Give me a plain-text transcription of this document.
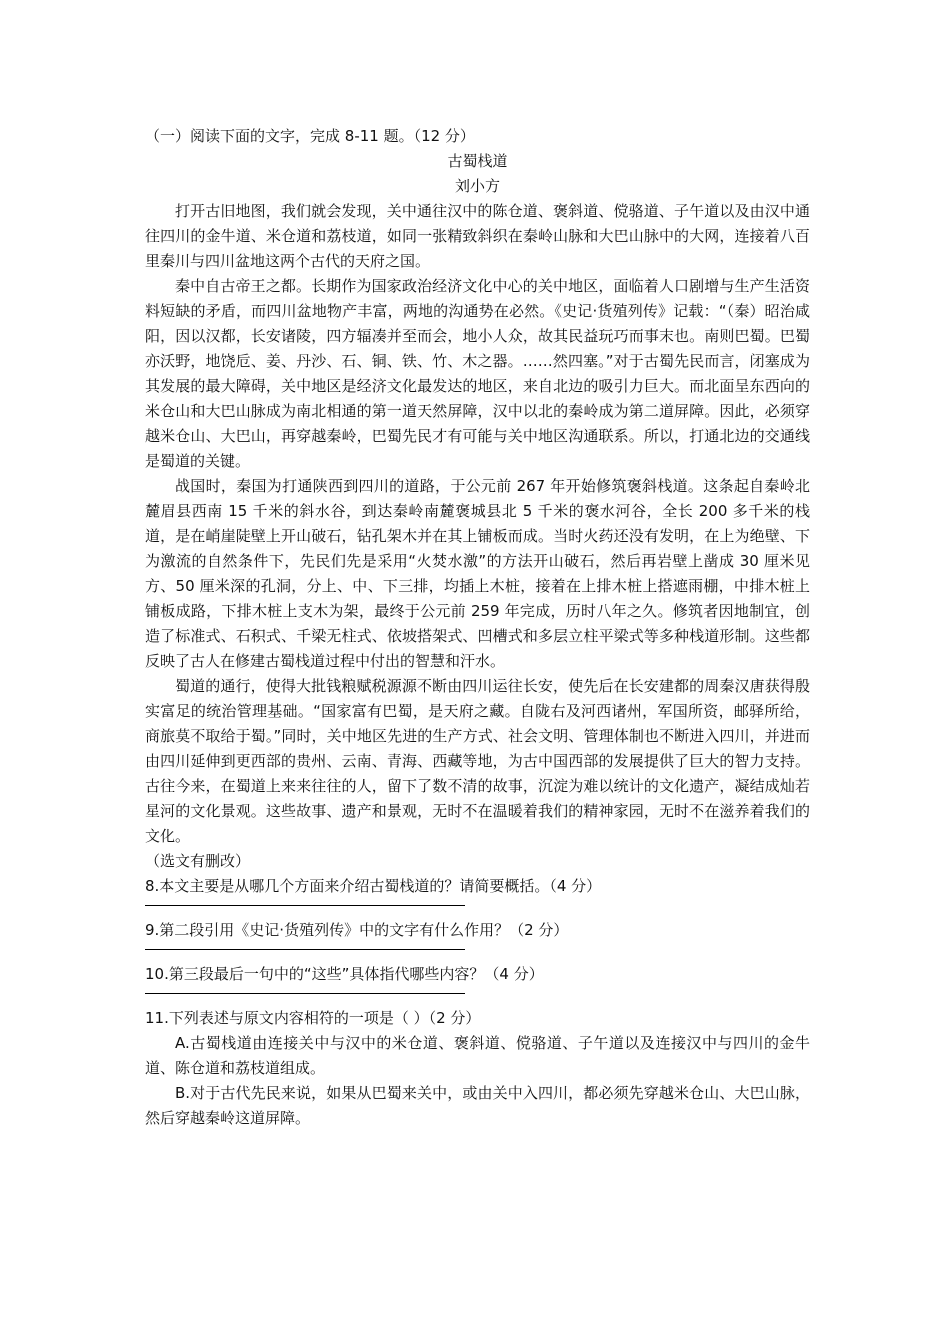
（一）阅读下面的文字，完成 8-11 题。（12 分）
古蜀栈道
刘小方
打开古旧地图，我们就会发现，关中通往汉中的陈仓道、褒斜道、傥骆道、子午道以及由汉中通往四川的金牛道、米仓道和荔枝道，如同一张精致斜织在秦岭山脉和大巴山脉中的大网，连接着八百里秦川与四川盆地这两个古代的天府之国。
秦中自古帝王之都。长期作为国家政治经济文化中心的关中地区，面临着人口剧增与生产生活资料短缺的矛盾，而四川盆地物产丰富，两地的沟通势在必然。《史记·货殖列传》记载：“（秦）昭治咸阳，因以汉都，长安诸陵，四方辐凑并至而会，地小人众，故其民益玩巧而事末也。南则巴蜀。巴蜀亦沃野，地饶卮、姜、丹沙、石、铜、铁、竹、木之器。……然四塞。”对于古蜀先民而言，闭塞成为其发展的最大障碍，关中地区是经济文化最发达的地区，来自北边的吸引力巨大。而北面呈东西向的米仓山和大巴山脉成为南北相通的第一道天然屏障，汉中以北的秦岭成为第二道屏障。因此，必须穿越米仓山、大巴山，再穿越秦岭，巴蜀先民才有可能与关中地区沟通联系。所以，打通北边的交通线是蜀道的关键。
战国时，秦国为打通陕西到四川的道路，于公元前 267 年开始修筑褒斜栈道。这条起自秦岭北麓眉县西南 15 千米的斜水谷，到达秦岭南麓褒城县北 5 千米的褒水河谷，全长 200 多千米的栈道，是在峭崖陡壁上开山破石，钻孔架木并在其上铺板而成。当时火药还没有发明，在上为绝壁、下为激流的自然条件下，先民们先是采用“火焚水激”的方法开山破石，然后再岩壁上凿成 30 厘米见方、50 厘米深的孔洞，分上、中、下三排，均插上木桩，接着在上排木桩上搭遮雨棚，中排木桩上铺板成路，下排木桩上支木为架，最终于公元前 259 年完成，历时八年之久。修筑者因地制宜，创造了标准式、石积式、千梁无柱式、依坡搭架式、凹槽式和多层立柱平梁式等多种栈道形制。这些都反映了古人在修建古蜀栈道过程中付出的智慧和汗水。
蜀道的通行，使得大批钱粮赋税源源不断由四川运往长安，使先后在长安建都的周秦汉唐获得殷实富足的统治管理基础。“国家富有巴蜀，是天府之藏。自陇右及河西诸州，军国所资，邮驿所给，商旅莫不取给于蜀。”同时，关中地区先进的生产方式、社会文明、管理体制也不断进入四川，并进而由四川延伸到更西部的贵州、云南、青海、西藏等地，为古中国西部的发展提供了巨大的智力支持。古往今来，在蜀道上来来往往的人，留下了数不清的故事，沉淀为难以统计的文化遗产，凝结成灿若星河的文化景观。这些故事、遗产和景观，无时不在温暖着我们的精神家园，无时不在滋养着我们的文化。
（选文有删改）
8.本文主要是从哪几个方面来介绍古蜀栈道的？请简要概括。（4 分）
9.第二段引用《史记·货殖列传》中的文字有什么作用？（2 分）
10.第三段最后一句中的“这些”具体指代哪些内容？（4 分）
11.下列表述与原文内容相符的一项是（ ）（2 分）
A.古蜀栈道由连接关中与汉中的米仓道、褒斜道、傥骆道、子午道以及连接汉中与四川的金牛道、陈仓道和荔枝道组成。
B.对于古代先民来说，如果从巴蜀来关中，或由关中入四川，都必须先穿越米仓山、大巴山脉，然后穿越秦岭这道屏障。
